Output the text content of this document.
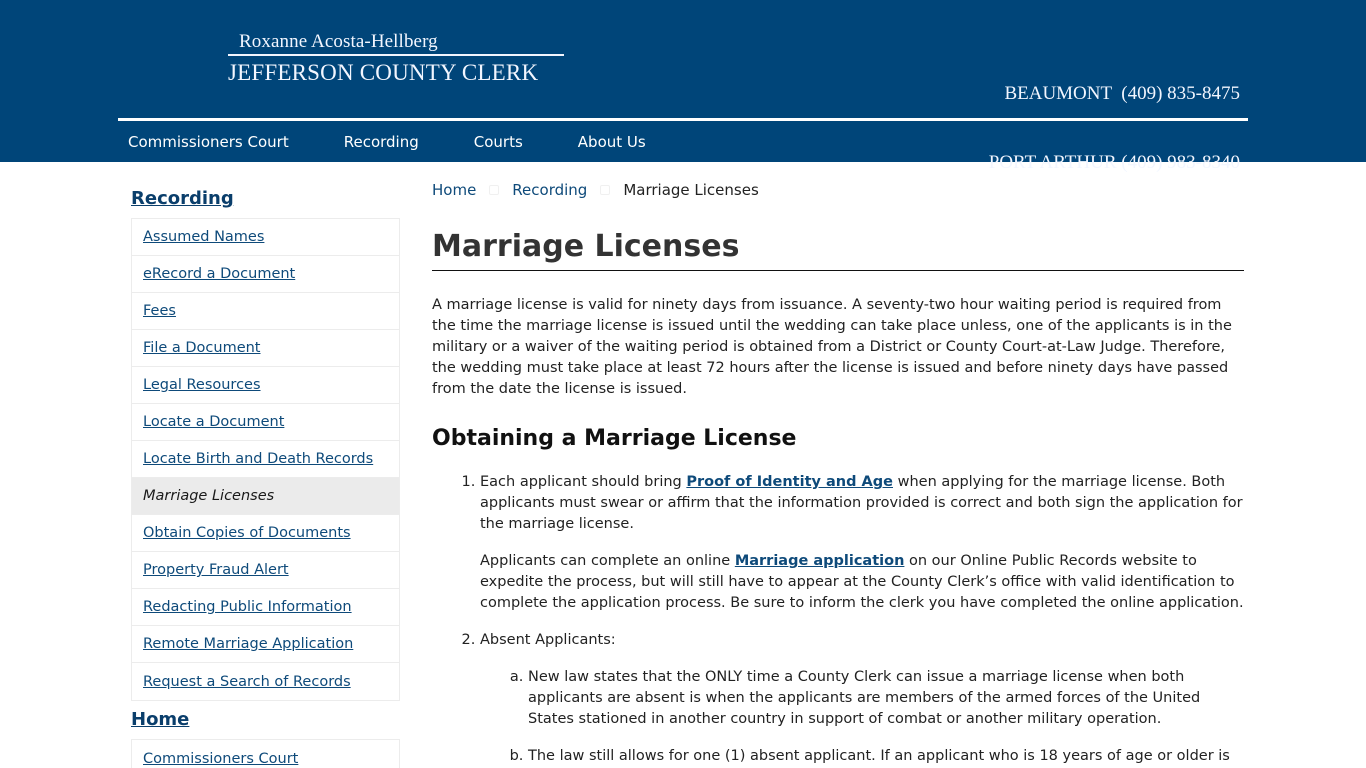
Roxanne Acosta-Hellberg
JEFFERSON COUNTY CLERK

BEAUMONT  (409) 835-8475

PORT ARTHUR (409) 983-8340

Commissioners Court	Recording	Courts	About Us
Recording
Assumed Names
eRecord a Document
Fees
File a Document
Legal Resources
Locate a Document
Locate Birth and Death Records
Marriage Licenses
Obtain Copies of Documents
Property Fraud Alert
Redacting Public Information
Remote Marriage Application
Request a Search of Records
Home
Commissioners Court
Home Recording Marriage Licenses
Marriage Licenses

A marriage license is valid for ninety days from issuance. A seventy-two hour waiting period is required from the time the marriage license is issued until the wedding can take place unless, one of the applicants is in the military or a waiver of the waiting period is obtained from a District or County Court-at-Law Judge. Therefore, the wedding must take place at least 72 hours after the license is issued and before ninety days have passed from the date the license is issued.

Obtaining a Marriage License

1. Each applicant should bring Proof of Identity and Age when applying for the marriage license. Both applicants must swear or affirm that the information provided is correct and both sign the application for the marriage license.

Applicants can complete an online Marriage application on our Online Public Records website to expedite the process, but will still have to appear at the County Clerk’s office with valid identification to complete the application process. Be sure to inform the clerk you have completed the online application.

2. Absent Applicants:
a. New law states that the ONLY time a County Clerk can issue a marriage license when both applicants are absent is when the applicants are members of the armed forces of the United States stationed in another country in support of combat or another military operation.
b. The law still allows for one (1) absent applicant. If an applicant who is 18 years of age or older is
